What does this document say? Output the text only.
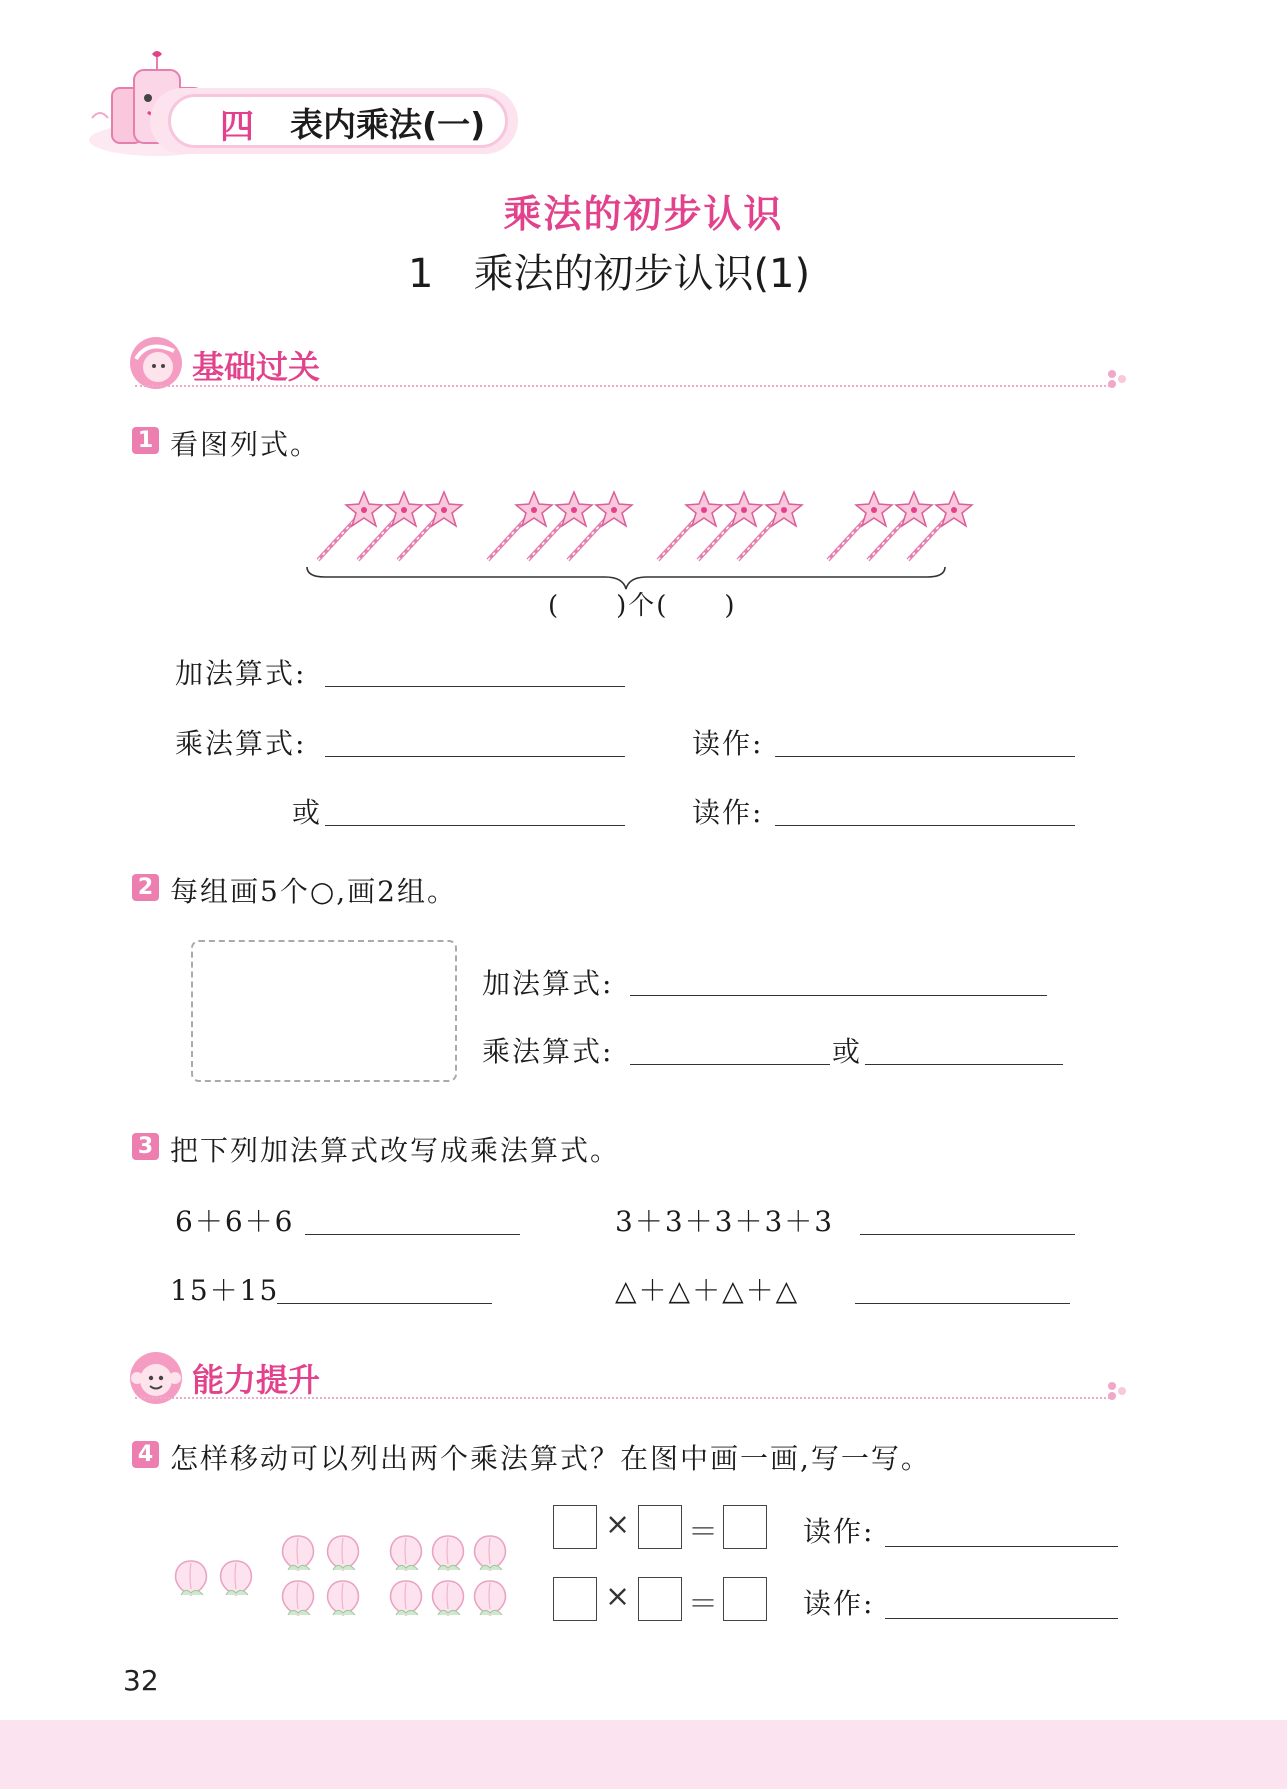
四 表内乘法(一)
乘法的初步认识
1　乘法的初步认识(1)
基础过关
1 看图列式。
(　　)个(　　)
加法算式:
乘法算式:	读作:
或	读作:
2 每组画5个○,画2组。
加法算式:
乘法算式:	或
3 把下列加法算式改写成乘法算式。
6＋6＋6	3＋3＋3＋3＋3
15＋15	△＋△＋△＋△
能力提升
4 怎样移动可以列出两个乘法算式？在图中画一画,写一写。
× ＝	读作:
× ＝	读作:
32
